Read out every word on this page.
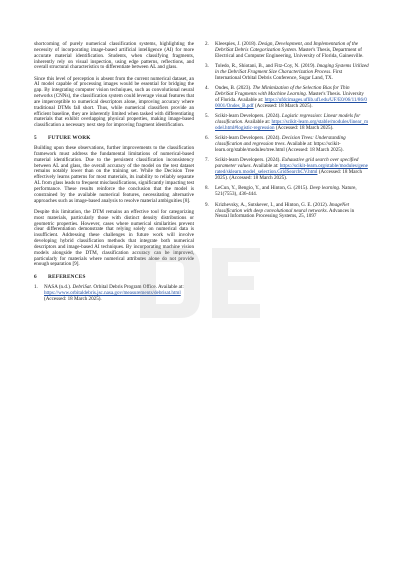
shortcoming of purely numerical classification systems, highlighting the necessity of incorporating image-based artificial intelligence (AI) for more accurate material identification. Students, when classifying fragments, inherently rely on visual inspection, using edge patterns, reflections, and overall structural characteristics to differentiate between AL and glass.

Since this level of perception is absent from the current numerical dataset, an AI model capable of processing images would be essential for bridging the gap. By integrating computer vision techniques, such as convolutional neural networks (CNNs), the classification system could leverage visual features that are imperceptible to numerical descriptors alone, improving accuracy where traditional DTMs fall short. Thus, while numerical classifiers provide an efficient baseline, they are inherently limited when tasked with differentiating materials that exhibit overlapping physical properties, making image-based classification a necessary next step for improving fragment identification.

5 FUTURE WORK

Building upon these observations, further improvements to the classification framework must address the fundamental limitations of numerical-based material identification. Due to the persistent classification inconsistency between AL and glass, the overall accuracy of the model on the test dataset remains notably lower than on the training set. While the Decision Tree effectively learns patterns for most materials, its inability to reliably separate AL from glass leads to frequent misclassifications, significantly impacting test performance. These results reinforce the conclusion that the model is constrained by the available numerical features, necessitating alternative approaches such as image-based analysis to resolve material ambiguities [8].

Despite this limitation, the DTM remains an effective tool for categorizing most materials, particularly those with distinct density distributions or geometric properties. However, cases where numerical similarities prevent clear differentiation demonstrate that relying solely on numerical data is insufficient. Addressing these challenges in future work will involve developing hybrid classification methods that integrate both numerical descriptors and image-based AI techniques. By incorporating machine vision models alongside the DTM, classification accuracy can be improved, particularly for materials where numerical attributes alone do not provide enough separation [9].

6 REFERENCES
1.	NASA (n.d.). DebriSat. Orbital Debris Program Office. Available at: https://www.orbitaldebris.jsc.nasa.gov/measurements/debrisat.html (Accessed: 18 March 2025).
2.	Kleespies, J. (2018). Design, Development, and Implementation of the DebriSat Debris Categorization System. Master's Thesis, Department of Electrical and Computer Engineering, University of Florida, Gainesville.
3.	Toledo, R., Shiotani, B., and Fitz-Coy, N. (2019). Imaging Systems Utilized in the DebriSat Fragment Size Characterization Process. First International Orbital Debris Conference, Sugar Land, TX.
4.	Ondes, B. (2023). The Minimization of the Selection Bias for Thin DebriSat Fragments with Machine Learning. Master's Thesis. University of Florida. Available at: https://ufdcimages.uflib.ufl.edu/UF/E0/06/11/86/00001/Ondes_B.pdf (Accessed: 18 March 2025).
5.	Scikit-learn Developers. (2024). Logistic regression: Linear models for classification. Available at: https://scikit-learn.org/stable/modules/linear_model.html#logistic-regression (Accessed: 18 March 2025).
6.	Scikit-learn Developers. (2024). Decision Trees: Understanding classification and regression trees. Available at: https://scikit-learn.org/stable/modules/tree.html (Accessed: 18 March 2025).
7.	Scikit-learn Developers. (2024). Exhaustive grid search over specified parameter values. Available at: https://scikit-learn.org/stable/modules/generated/sklearn.model_selection.GridSearchCV.html (Accessed: 18 March 2025). (Accessed: 18 March 2025).
8.	LeCun, Y., Bengio, Y., and Hinton, G. (2015). Deep learning. Nature, 521(7553), 436-444.
9.	Krizhevsky, A., Sutskever, I., and Hinton, G. E. (2012). ImageNet classification with deep convolutional neural networks. Advances in Neural Information Processing Systems, 25, 1097
